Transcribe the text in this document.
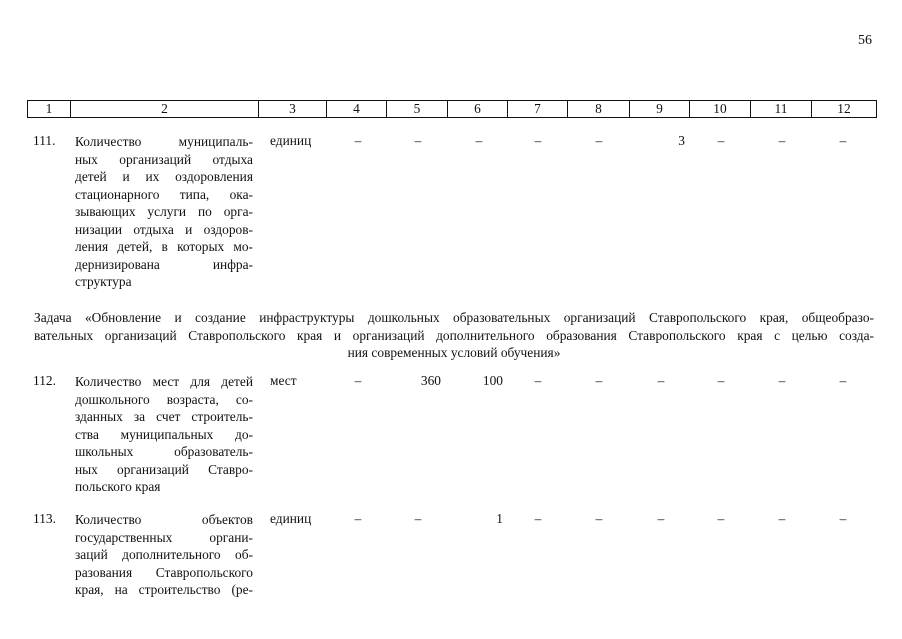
56
1	2	3	4	5	6	7	8	9	10	11	12
111. Количество муниципаль-
ных организаций отдыха
детей и их оздоровления
стационарного типа, ока-
зывающих услуги по орга-
низации отдыха и оздоров-
ления детей, в которых мо-
дернизирована инфра-
структура
единиц	–	–	–	–	–	3	–	–	–
Задача «Обновление и создание инфраструктуры дошкольных образовательных организаций Ставропольского края, общеобразо-
вательных организаций Ставропольского края и организаций дополнительного образования Ставропольского края с целью созда-
ния современных условий обучения»
112. Количество мест для детей
дошкольного возраста, со-
зданных за счет строитель-
ства муниципальных до-
школьных образователь-
ных организаций Ставро-
польского края
мест	–	360	100	–	–	–	–	–	–
113. Количество объектов
государственных органи-
заций дополнительного об-
разования Ставропольского
края, на строительство (ре-
единиц	–	–	1	–	–	–	–	–	–
